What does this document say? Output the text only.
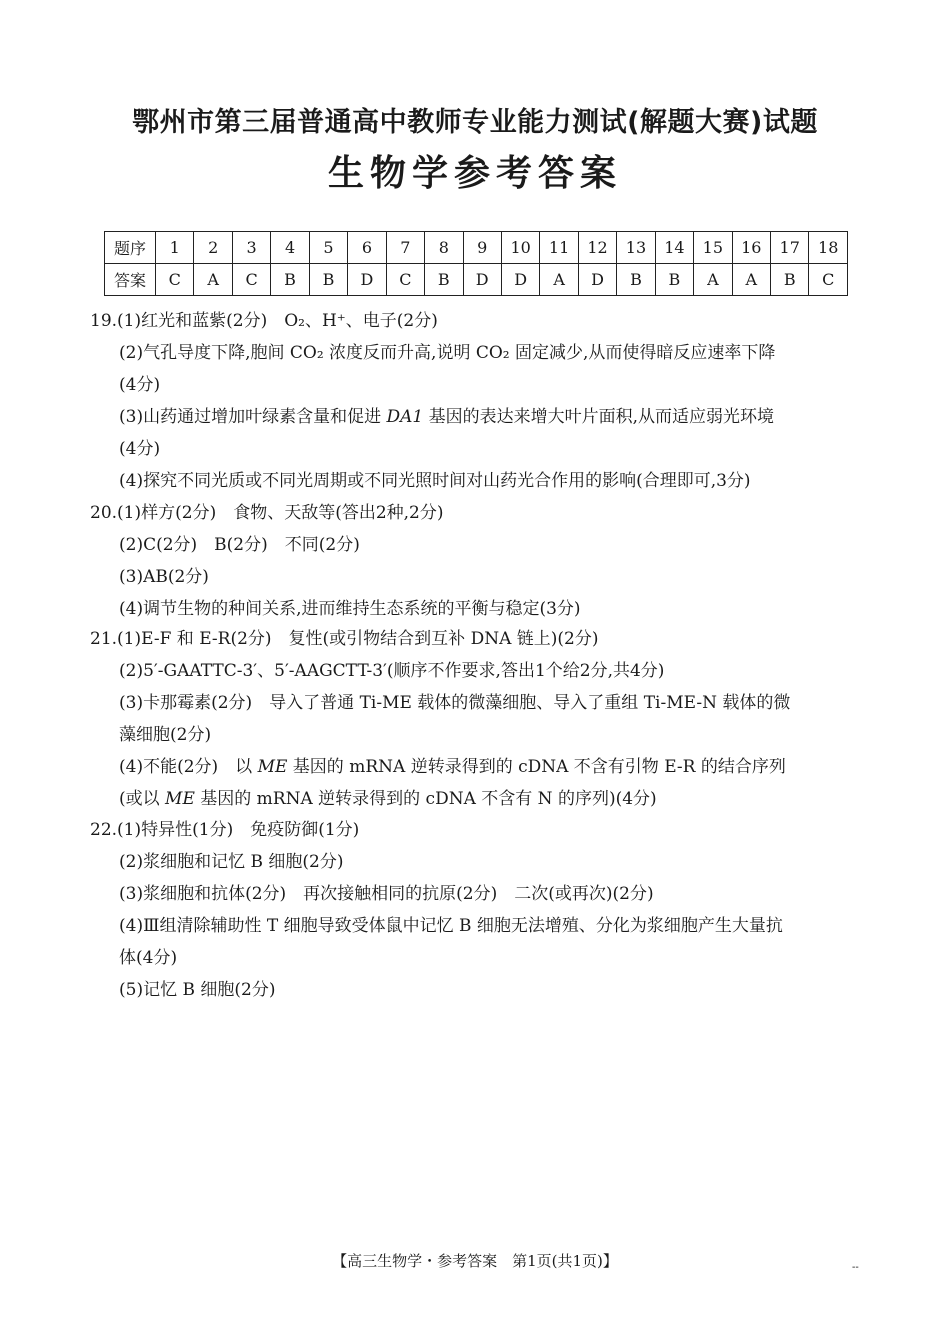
鄂州市第三届普通高中教师专业能力测试(解题大赛)试题
生物学参考答案
题序	1	2	3	4	5	6	7	8	9	10	11	12	13	14	15	16	17	18
答案	C	A	C	B	B	D	C	B	D	D	A	D	B	B	A	A	B	C

19.(1)红光和蓝紫(2分)　O₂、H⁺、电子(2分)

(2)气孔导度下降,胞间 CO₂ 浓度反而升高,说明 CO₂ 固定减少,从而使得暗反应速率下降

(4分)

(3)山药通过增加叶绿素含量和促进 DA1 基因的表达来增大叶片面积,从而适应弱光环境

(4分)

(4)探究不同光质或不同光周期或不同光照时间对山药光合作用的影响(合理即可,3分)

20.(1)样方(2分)　食物、天敌等(答出2种,2分)

(2)C(2分)　B(2分)　不同(2分)

(3)AB(2分)

(4)调节生物的种间关系,进而维持生态系统的平衡与稳定(3分)

21.(1)E-F 和 E-R(2分)　复性(或引物结合到互补 DNA 链上)(2分)

(2)5′-GAATTC-3′、5′-AAGCTT-3′(顺序不作要求,答出1个给2分,共4分)

(3)卡那霉素(2分)　导入了普通 Ti-ME 载体的微藻细胞、导入了重组 Ti-ME-N 载体的微

藻细胞(2分)

(4)不能(2分)　以 ME 基因的 mRNA 逆转录得到的 cDNA 不含有引物 E-R 的结合序列

(或以 ME 基因的 mRNA 逆转录得到的 cDNA 不含有 N 的序列)(4分)

22.(1)特异性(1分)　免疫防御(1分)

(2)浆细胞和记忆 B 细胞(2分)

(3)浆细胞和抗体(2分)　再次接触相同的抗原(2分)　二次(或再次)(2分)

(4)Ⅲ组清除辅助性 T 细胞导致受体鼠中记忆 B 细胞无法增殖、分化为浆细胞产生大量抗

体(4分)

(5)记忆 B 细胞(2分)

【高三生物学・参考答案　第1页(共1页)】	--
